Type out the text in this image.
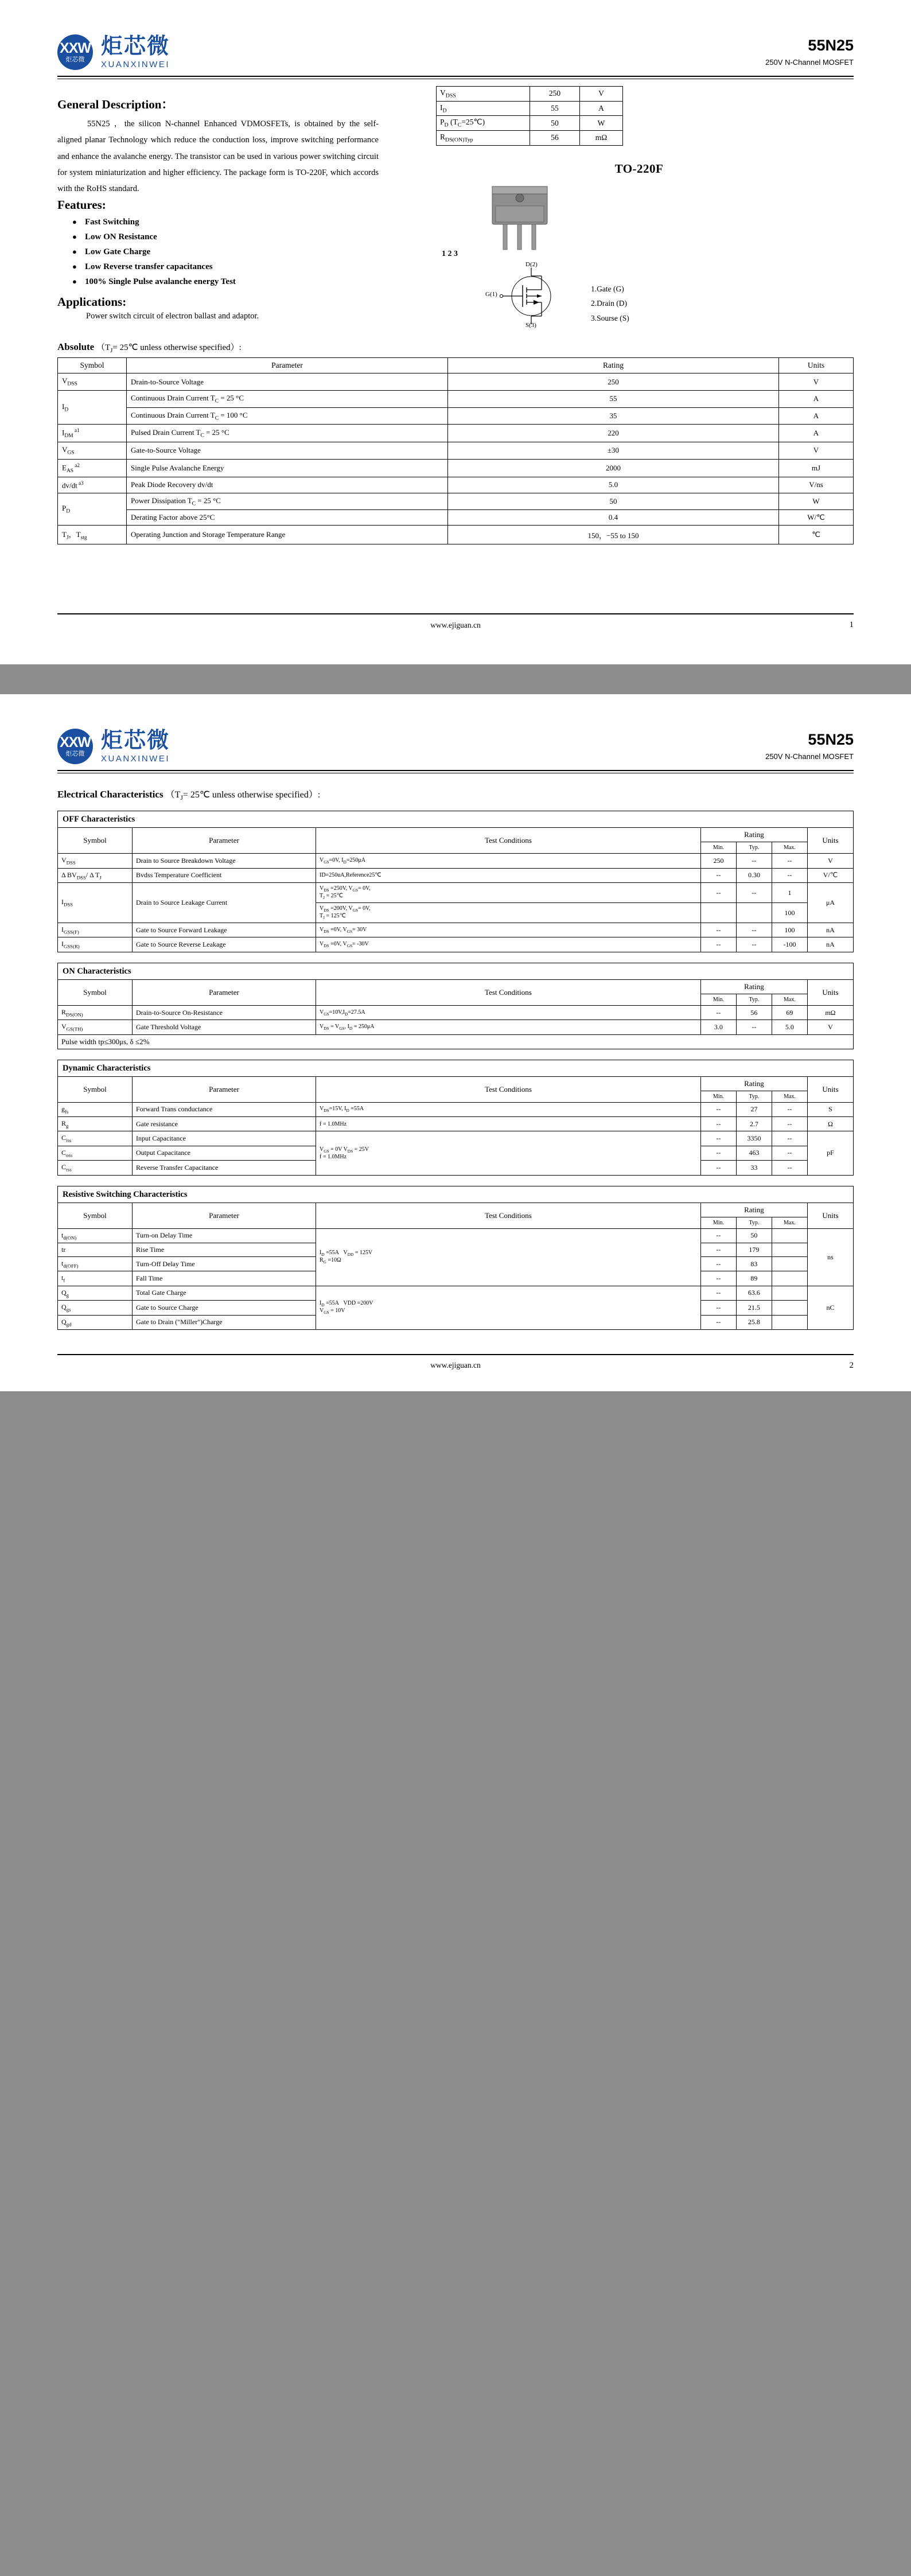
XXW
炬芯微
炬芯微
XUANXINWEI
55N25
250V N-Channel MOSFET
General Description：

55N25 ，the silicon N-channel Enhanced VDMOSFETs, is obtained by the self-aligned planar Technology which reduce the conduction loss, improve switching performance and enhance the avalanche energy. The transistor can be used in various power switching circuit for system miniaturization and higher efficiency. The package form is TO-220F, which accords with the RoHS standard.

Features:
● Fast Switching
● Low ON Resistance
● Low Gate Charge
● Low Reverse transfer capacitances
● 100% Single Pulse avalanche energy Test
Applications:
Power switch circuit of electron ballast and adaptor.
$V_{DSS}$	250	V
$I_D$	55	A
$P_D$ $(T_C=25℃)$	50	W
$R_{DS(ON)Typ}$	56	mΩ
TO-220F
1 2 3
D(2)
G(1)
S(3)
1.Gate (G)
2.Drain (D)
3.Sourse (S)
Absolute （$T_J=$ 25℃ unless otherwise specified）:
Symbol	Parameter	Rating	Units
$V_{DSS}$	Drain-to-Source Voltage	250	V
$I_D$	Continuous Drain Current $T_C = 25$ °C	55	A
	Continuous Drain Current $T_C = 100$ °C	35	A
$I_{DM}$ $^{a1}$	Pulsed Drain Current $T_C = 25$ °C	220	A
$V_{GS}$	Gate-to-Source Voltage	±30	V
$E_{AS}$ $^{a2}$	Single Pulse Avalanche Energy	2000	mJ
dv/dt $^{a3}$	Peak Diode Recovery dv/dt	5.0	V/ns
$P_D$	Power Dissipation $T_C = 25$ °C	50	W
	Derating Factor above 25°C	0.4	W/℃
$T_J$，$T_{stg}$	Operating Junction and Storage Temperature Range	150，−55 to 150	℃
www.ejiguan.cn	1
XXW
炬芯微
炬芯微
XUANXINWEI
55N25
250V N-Channel MOSFET
Electrical Characteristics （$T_J=$ 25℃ unless otherwise specified）:
OFF Characteristics						
Symbol	Parameter	Test Conditions	Rating			Units
			Min.	Typ.	Max.	
$V_{DSS}$	Drain to Source Breakdown Voltage	$V_{GS}=0V$, $I_D=250\mu A$	250	--	--	V
Δ $BV_{DSS}/$ Δ $T_J$	Bvdss Temperature Coefficient	ID=250uA,Reference25℃	--	0.30	--	V/℃
$I_{DSS}$	Drain to Source Leakage Current	$V_{DS} =250V$, $V_{GS}= 0V$,
$T_J$ = 25℃	--	--	1	μA
		$V_{DS} =200V$, $V_{GS}= 0V$,
$T_J$ = 125℃			100	
$I_{GSS(F)}$	Gate to Source Forward Leakage	$V_{DS} =0V$, $V_{GS}= 30V$	--	--	100	nA
$I_{GSS(R)}$	Gate to Source Reverse Leakage	$V_{DS} =0V$, $V_{GS}= -30V$	--	--	-100	nA
ON Characteristics						
Symbol	Parameter	Test Conditions	Rating			Units
			Min.	Typ.	Max.	
$R_{DS(ON)}$	Drain-to-Source On-Resistance	$V_{GS}=10V,I_D=27.5A$	--	56	69	mΩ
$V_{GS(TH)}$	Gate Threshold Voltage	$V_{DS} = V_{GS}$, $I_D = 250\mu A$	3.0	--	5.0	V
Pulse width tp≤300μs, δ ≤2%						
Dynamic Characteristics						
Symbol	Parameter	Test Conditions	Rating			Units
			Min.	Typ.	Max.	
$g_{fs}$	Forward Trans conductance	$V_{DS}=15V$, $I_D =55A$	--	27	--	S
$R_g$	Gate resistance	f = 1.0MHz	--	2.7	--	Ω
$C_{iss}$	Input Capacitance	$V_{GS} = 0V$ $V_{DS} = 25V$
f = 1.0MHz	--	3350	--	pF
$C_{oss}$	Output Capacitance		--	463	--	
$C_{rss}$	Reverse Transfer Capacitance		--	33	--	
Resistive Switching Characteristics						
Symbol	Parameter	Test Conditions	Rating			Units
			Min.	Typ.	Max.	
$t_{d(ON)}$	Turn-on Delay Time	$I_D =55A$   $V_{DD} = 125V$
$R_G =10\Omega$	--	50		ns
tr	Rise Time		--	179		
$t_{d(OFF)}$	Turn-Off Delay Time		--	83		
$t_f$	Fall Time		--	89		
$Q_g$	Total Gate Charge	$I_D =55A$   VDD =200V
$V_{GS} = 10V$	--	63.6		nC
$Q_{gs}$	Gate to Source Charge		--	21.5		
$Q_{gd}$	Gate to Drain ("Miller")Charge		--	25.8		
www.ejiguan.cn	2
